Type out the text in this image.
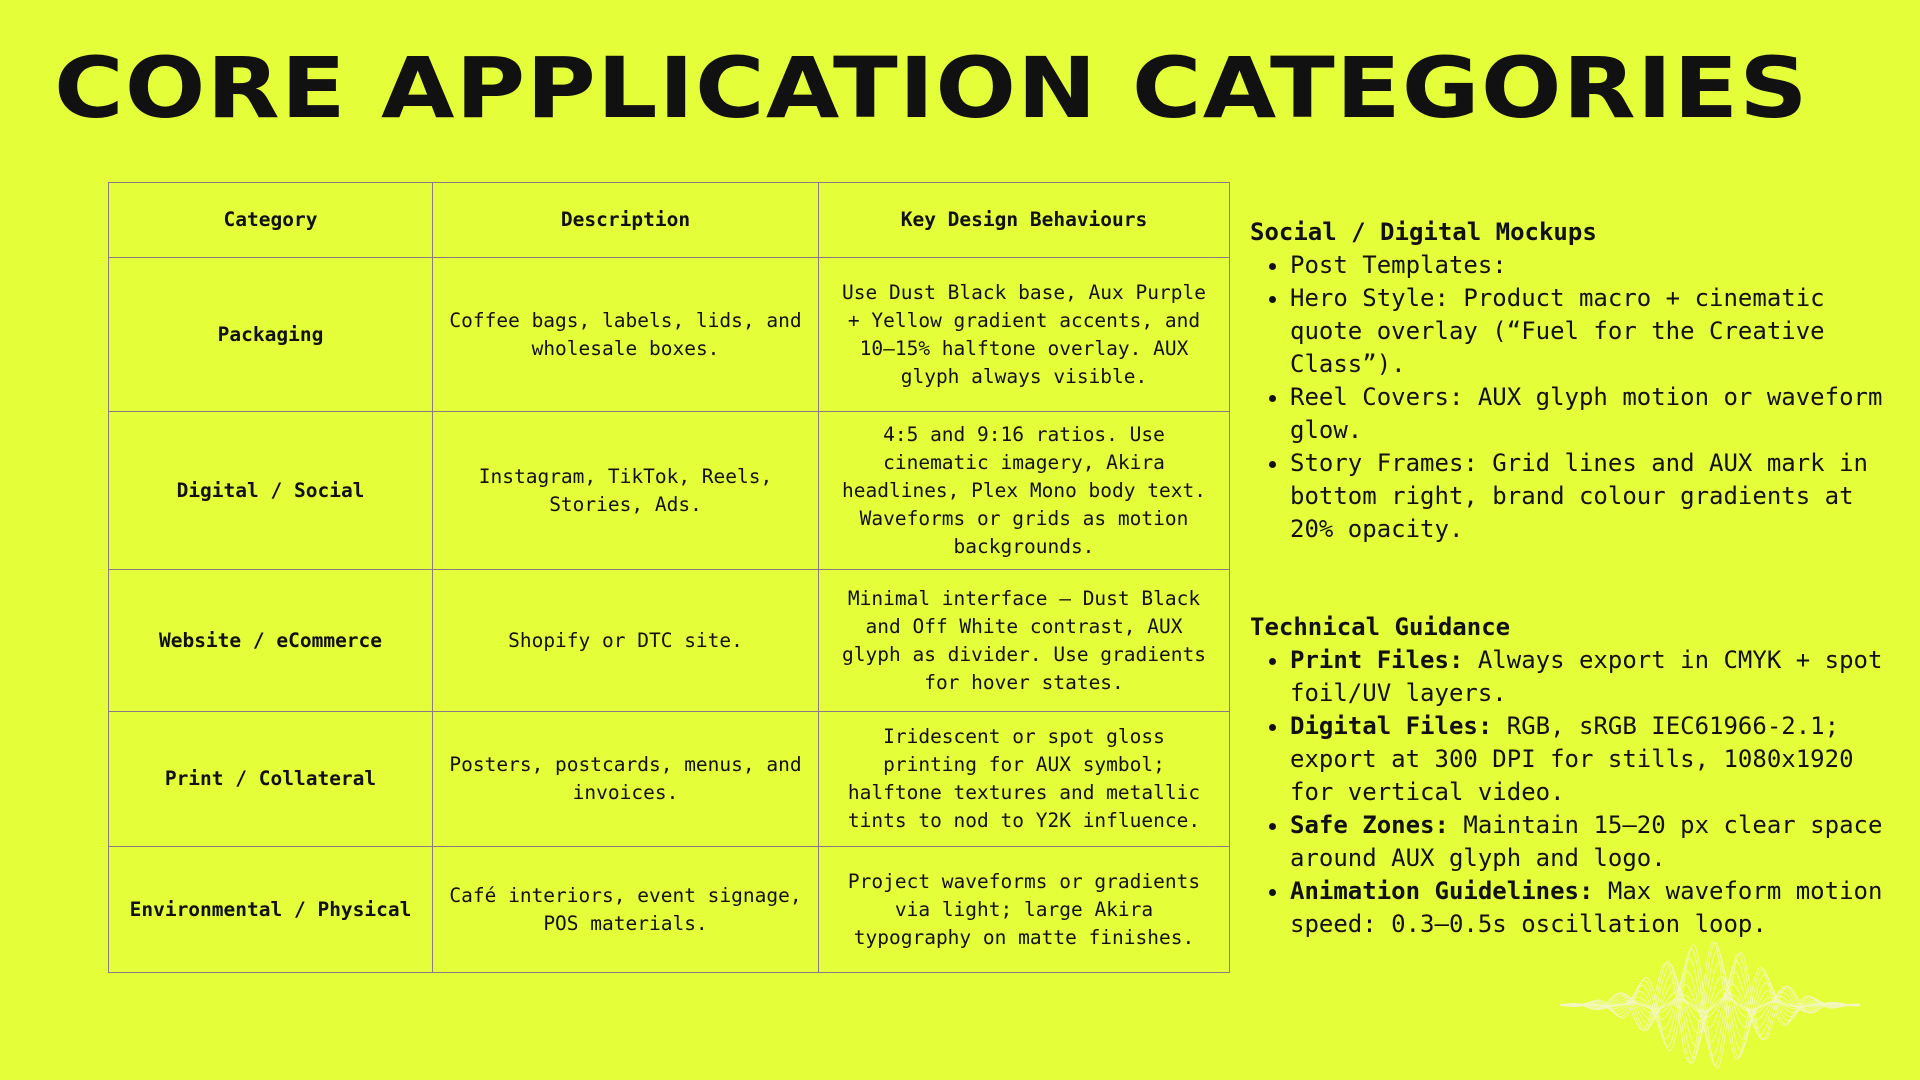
CORE APPLICATION CATEGORIES
Category	Description	Key Design Behaviours
Packaging	Coffee bags, labels, lids, and wholesale boxes.	Use Dust Black base, Aux Purple + Yellow gradient accents, and 10–15% halftone overlay. AUX glyph always visible.
Digital / Social	Instagram, TikTok, Reels, Stories, Ads.	4:5 and 9:16 ratios. Use cinematic imagery, Akira headlines, Plex Mono body text. Waveforms or grids as motion backgrounds.
Website / eCommerce	Shopify or DTC site.	Minimal interface — Dust Black and Off White contrast, AUX glyph as divider. Use gradients for hover states.
Print / Collateral	Posters, postcards, menus, and invoices.	Iridescent or spot gloss printing for AUX symbol; halftone textures and metallic tints to nod to Y2K influence.
Environmental / Physical	Café interiors, event signage, POS materials.	Project waveforms or gradients via light; large Akira typography on matte finishes.
Social / Digital Mockups
• Post Templates:
• Hero Style: Product macro + cinematic quote overlay (“Fuel for the Creative Class”).
• Reel Covers: AUX glyph motion or waveform glow.
• Story Frames: Grid lines and AUX mark in bottom right, brand colour gradients at 20% opacity.
Technical Guidance
• Print Files: Always export in CMYK + spot foil/UV layers.
• Digital Files: RGB, sRGB IEC61966-2.1; export at 300 DPI for stills, 1080x1920 for vertical video.
• Safe Zones: Maintain 15–20 px clear space around AUX glyph and logo.
• Animation Guidelines: Max waveform motion speed: 0.3–0.5s oscillation loop.
